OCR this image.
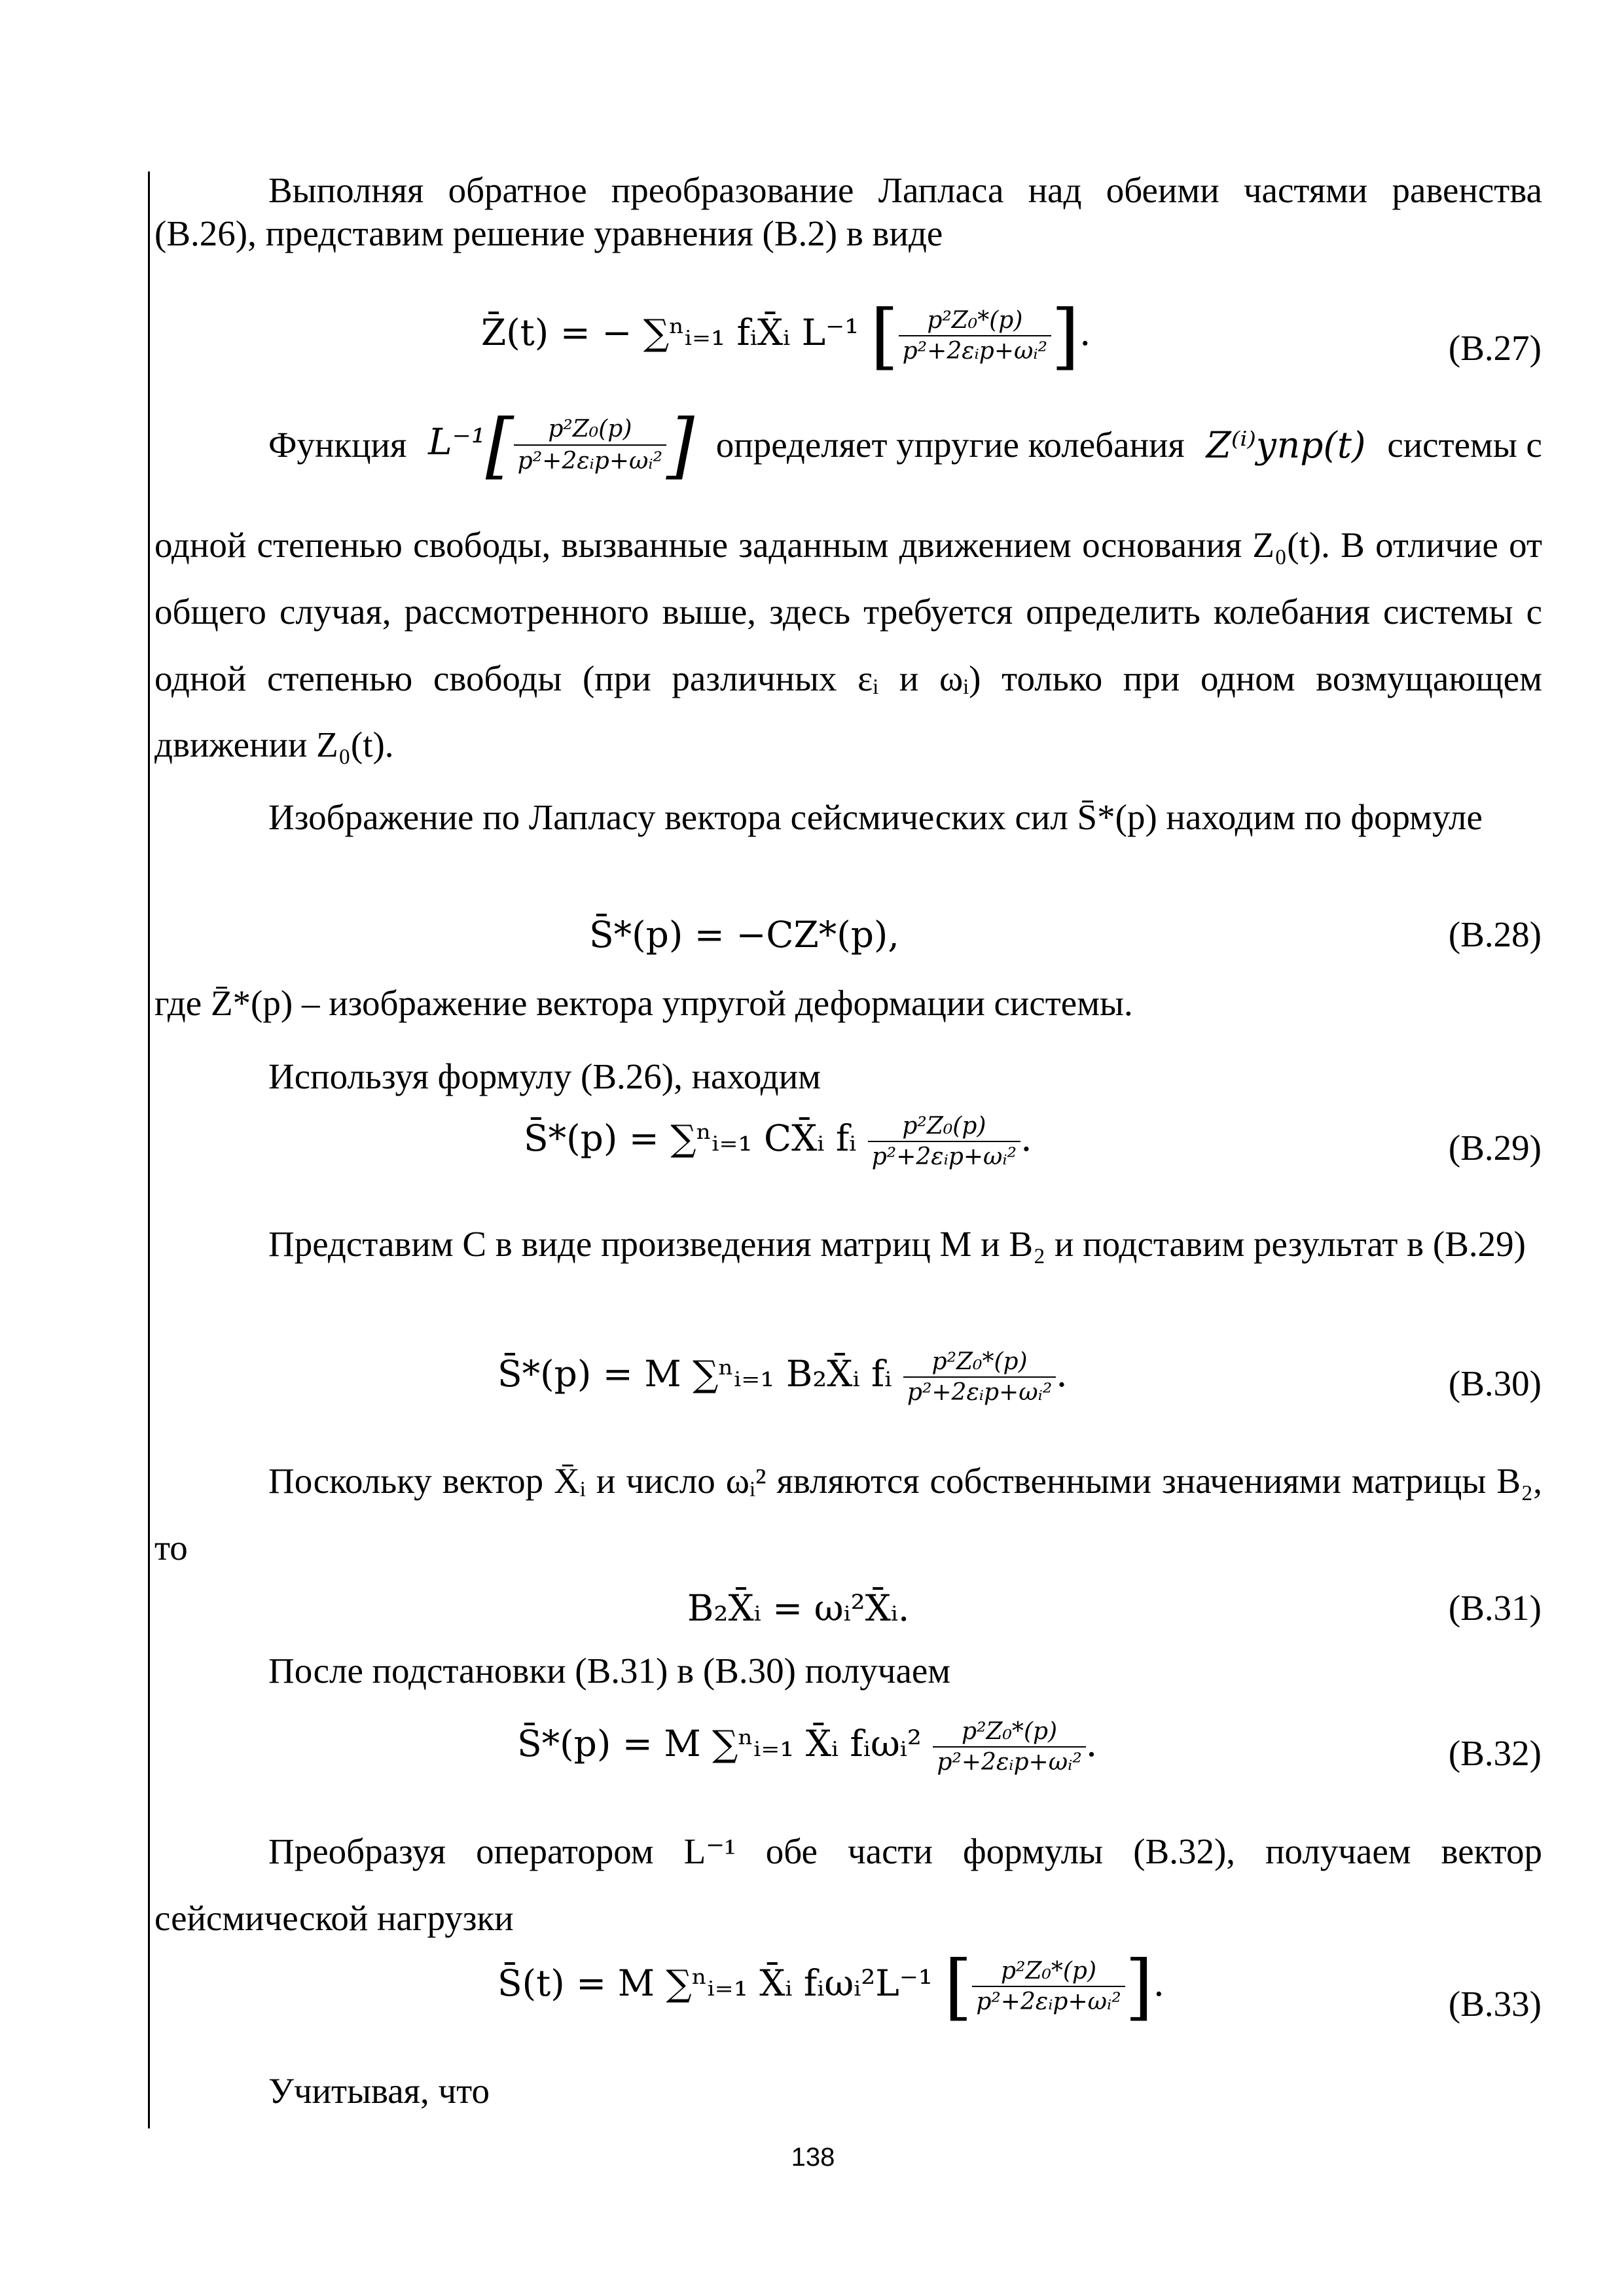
Выполняя обратное преобразование Лапласа над обеими частями равенства (В.26), представим решение уравнения (В.2) в виде
Z̄(t) = − ∑ⁿᵢ₌₁ fᵢX̄ᵢ L⁻¹ [ $\frac{\text{p²Z₀*(p)}}{\text{p²+2εᵢp+ωᵢ²}}$ ].	(В.27)
Функция $L^{-1}[ \frac{\text{p²Z₀(p)}}{\text{p²+2εᵢp+ωᵢ²}}$ ] определяет упругие колебания Z⁽ⁱ⁾упр(t) системы с
одной степенью свободы, вызванные заданным движением основания Z₀(t). В отличие от общего случая, рассмотренного выше, здесь требуется определить колебания системы с одной степенью свободы (при различных εᵢ и ωᵢ) только при одном возмущающем движении Z₀(t).
Изображение по Лапласу вектора сейсмических сил S̄*(p) находим по формуле
S̄*(p) = −CZ*(p),	(В.28)
где Z̄*(p) – изображение вектора упругой деформации системы.
Используя формулу (В.26), находим
S̄*(p) = ∑ⁿᵢ₌₁ CX̄ᵢ fᵢ $\frac{\text{p²Z₀(p)}}{\text{p²+2εᵢp+ωᵢ²}}$ .	(В.29)
Представим C в виде произведения матриц M и B₂ и подставим результат в (В.29)
S̄*(p) = M ∑ⁿᵢ₌₁ B₂X̄ᵢ fᵢ $\frac{\text{p²Z₀*(p)}}{\text{p²+2εᵢp+ωᵢ²}}$ .	(В.30)
Поскольку вектор X̄ᵢ и число ωᵢ² являются собственными значениями матрицы B₂, то
B₂X̄ᵢ = ωᵢ²X̄ᵢ.	(В.31)
После подстановки (В.31) в (В.30) получаем
S̄*(p) = M ∑ⁿᵢ₌₁ X̄ᵢ fᵢωᵢ² $\frac{\text{p²Z₀*(p)}}{\text{p²+2εᵢp+ωᵢ²}}$ .	(В.32)
Преобразуя оператором L⁻¹ обе части формулы (В.32), получаем вектор сейсмической нагрузки
S̄(t) = M ∑ⁿᵢ₌₁ X̄ᵢ fᵢωᵢ²L⁻¹ [ $\frac{\text{p²Z₀*(p)}}{\text{p²+2εᵢp+ωᵢ²}}$ ].	(В.33)
Учитывая, что
138
